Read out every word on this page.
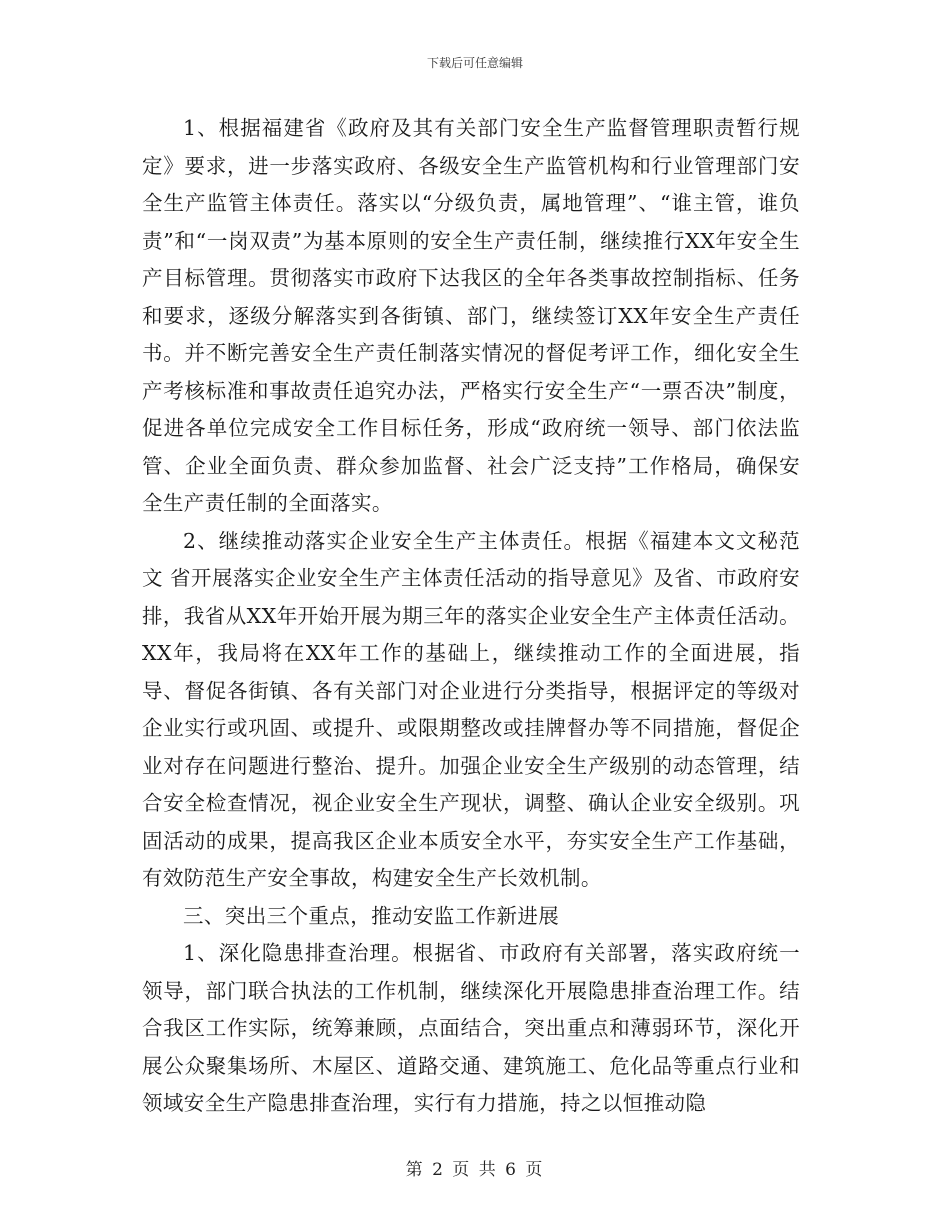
下载后可任意编辑

1、根据福建省《政府及其有关部门安全生产监督管理职责暂行规定》要求，进一步落实政府、各级安全生产监管机构和行业管理部门安全生产监管主体责任。落实以“分级负责，属地管理”、“谁主管，谁负责”和“一岗双责”为基本原则的安全生产责任制，继续推行XX年安全生产目标管理。贯彻落实市政府下达我区的全年各类事故控制指标、任务和要求，逐级分解落实到各街镇、部门，继续签订XX年安全生产责任书。并不断完善安全生产责任制落实情况的督促考评工作，细化安全生产考核标准和事故责任追究办法，严格实行安全生产“一票否决”制度，促进各单位完成安全工作目标任务，形成“政府统一领导、部门依法监管、企业全面负责、群众参加监督、社会广泛支持”工作格局，确保安全生产责任制的全面落实。

2、继续推动落实企业安全生产主体责任。根据《福建本文文秘范文 省开展落实企业安全生产主体责任活动的指导意见》及省、市政府安排，我省从XX年开始开展为期三年的落实企业安全生产主体责任活动。XX年，我局将在XX年工作的基础上，继续推动工作的全面进展，指导、督促各街镇、各有关部门对企业进行分类指导，根据评定的等级对企业实行或巩固、或提升、或限期整改或挂牌督办等不同措施，督促企业对存在问题进行整治、提升。加强企业安全生产级别的动态管理，结合安全检查情况，视企业安全生产现状，调整、确认企业安全级别。巩固活动的成果，提高我区企业本质安全水平，夯实安全生产工作基础，有效防范生产安全事故，构建安全生产长效机制。

三、突出三个重点，推动安监工作新进展

1、深化隐患排查治理。根据省、市政府有关部署，落实政府统一领导，部门联合执法的工作机制，继续深化开展隐患排查治理工作。结合我区工作实际，统筹兼顾，点面结合，突出重点和薄弱环节，深化开展公众聚集场所、木屋区、道路交通、建筑施工、危化品等重点行业和领域安全生产隐患排查治理，实行有力措施，持之以恒推动隐

第 2 页 共 6 页
